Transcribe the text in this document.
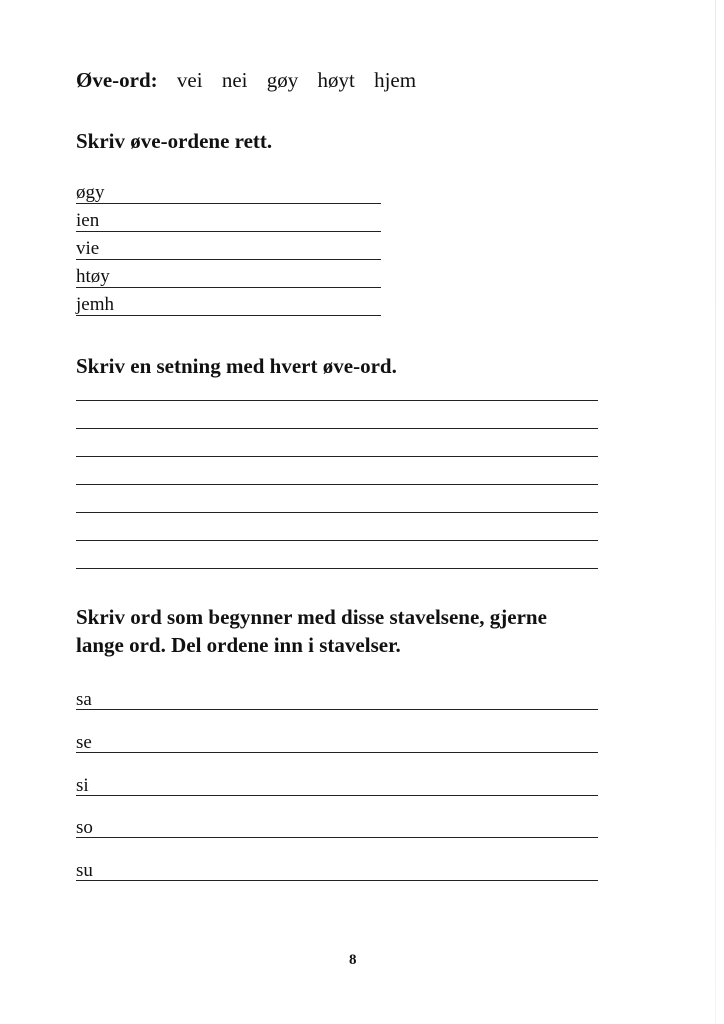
Øve-ord: vei nei gøy høyt hjem
Skriv øve-ordene rett.
øgy
ien
vie
htøy
jemh
Skriv en setning med hvert øve-ord.
Skriv ord som begynner med disse stavelsene, gjerne
lange ord. Del ordene inn i stavelser.
sa
se
si
so
su
8
